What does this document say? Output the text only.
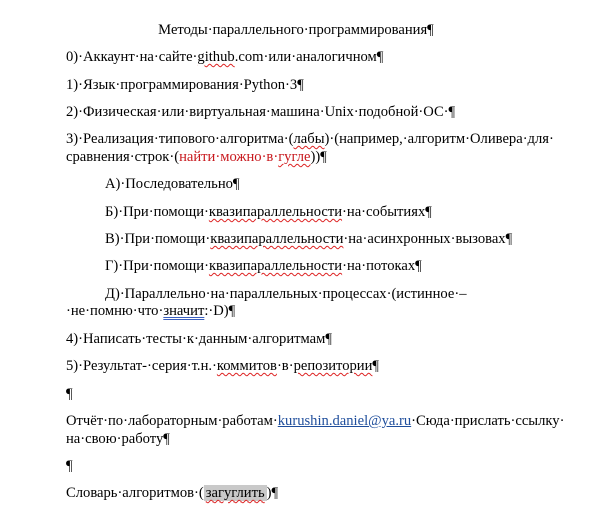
Методы·параллельного·программирования¶
0)·Аккаунт·на·сайте·github.com·или·аналогичном¶
1)·Язык·программирования·Python·3¶
2)·Физическая·или·виртуальная·машина·Unix·подобной·ОС·¶
3)·Реализация·типового·алгоритма·(лабы)·(например,·алгоритм·Оливера·для·
сравнения·строк·(найти·можно·в·гугле))¶
А)·Последовательно¶
Б)·При·помощи·квазипараллельности·на·событиях¶
В)·При·помощи·квазипараллельности·на·асинхронных·вызовах¶
Г)·При·помощи·квазипараллельности·на·потоках¶
Д)·Параллельно·на·параллельных·процессах·(истинное·–·не·помню·что·значит:·D)¶
4)·Написать·тесты·к·данным·алгоритмам¶
5)·Результат-·серия·т.н.·коммитов·в·репозитории¶
¶
Отчёт·по·лабораторным·работам·kurushin.daniel@ya.ru·Сюда·прислать·ссылку·
на·свою·работу¶
¶
Словарь·алгоритмов·( загуглить )¶
